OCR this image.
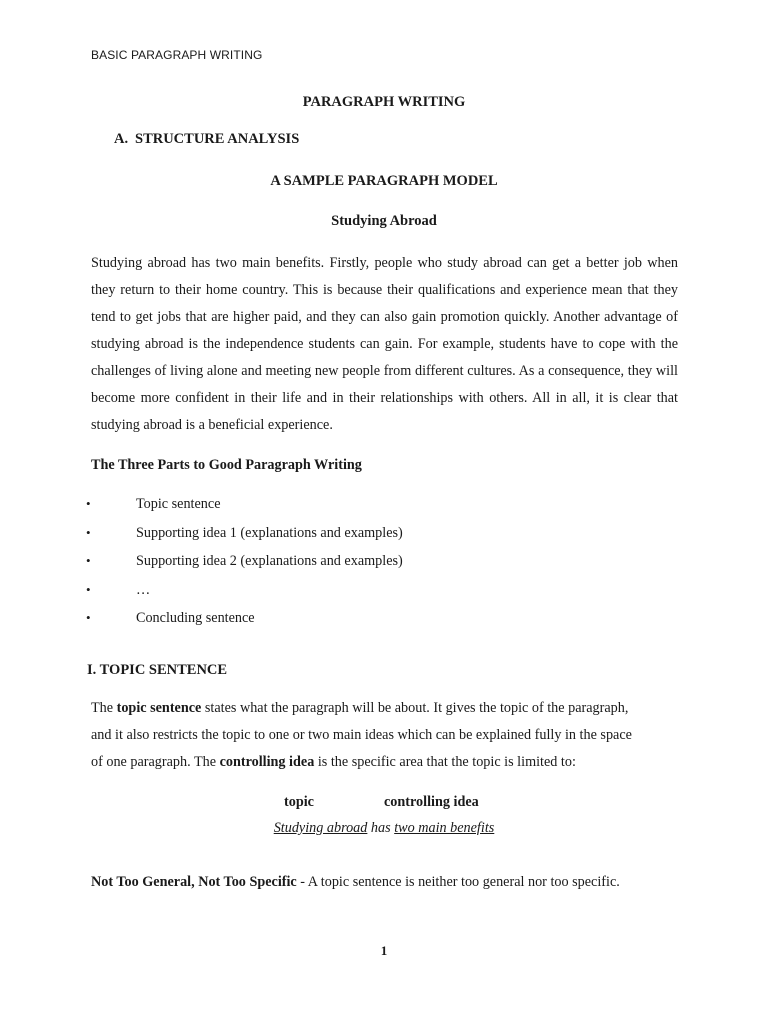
BASIC PARAGRAPH WRITING
PARAGRAPH WRITING
A. STRUCTURE ANALYSIS
A SAMPLE PARAGRAPH MODEL
Studying Abroad
Studying abroad has two main benefits. Firstly, people who study abroad can get a better job when they return to their home country. This is because their qualifications and experience mean that they tend to get jobs that are higher paid, and they can also gain promotion quickly. Another advantage of studying abroad is the independence students can gain. For example, students have to cope with the challenges of living alone and meeting new people from different cultures. As a consequence, they will become more confident in their life and in their relationships with others. All in all, it is clear that studying abroad is a beneficial experience.
The Three Parts to Good Paragraph Writing
•	Topic sentence
•	Supporting idea 1 (explanations and examples)
•	Supporting idea 2 (explanations and examples)
•	…
•	Concluding sentence
I. TOPIC SENTENCE
The topic sentence states what the paragraph will be about. It gives the topic of the paragraph,
and it also restricts the topic to one or two main ideas which can be explained fully in the space
of one paragraph. The controlling idea is the specific area that the topic is limited to:
topic	controlling idea
Studying abroad has two main benefits
Not Too General, Not Too Specific - A topic sentence is neither too general nor too specific.
1
